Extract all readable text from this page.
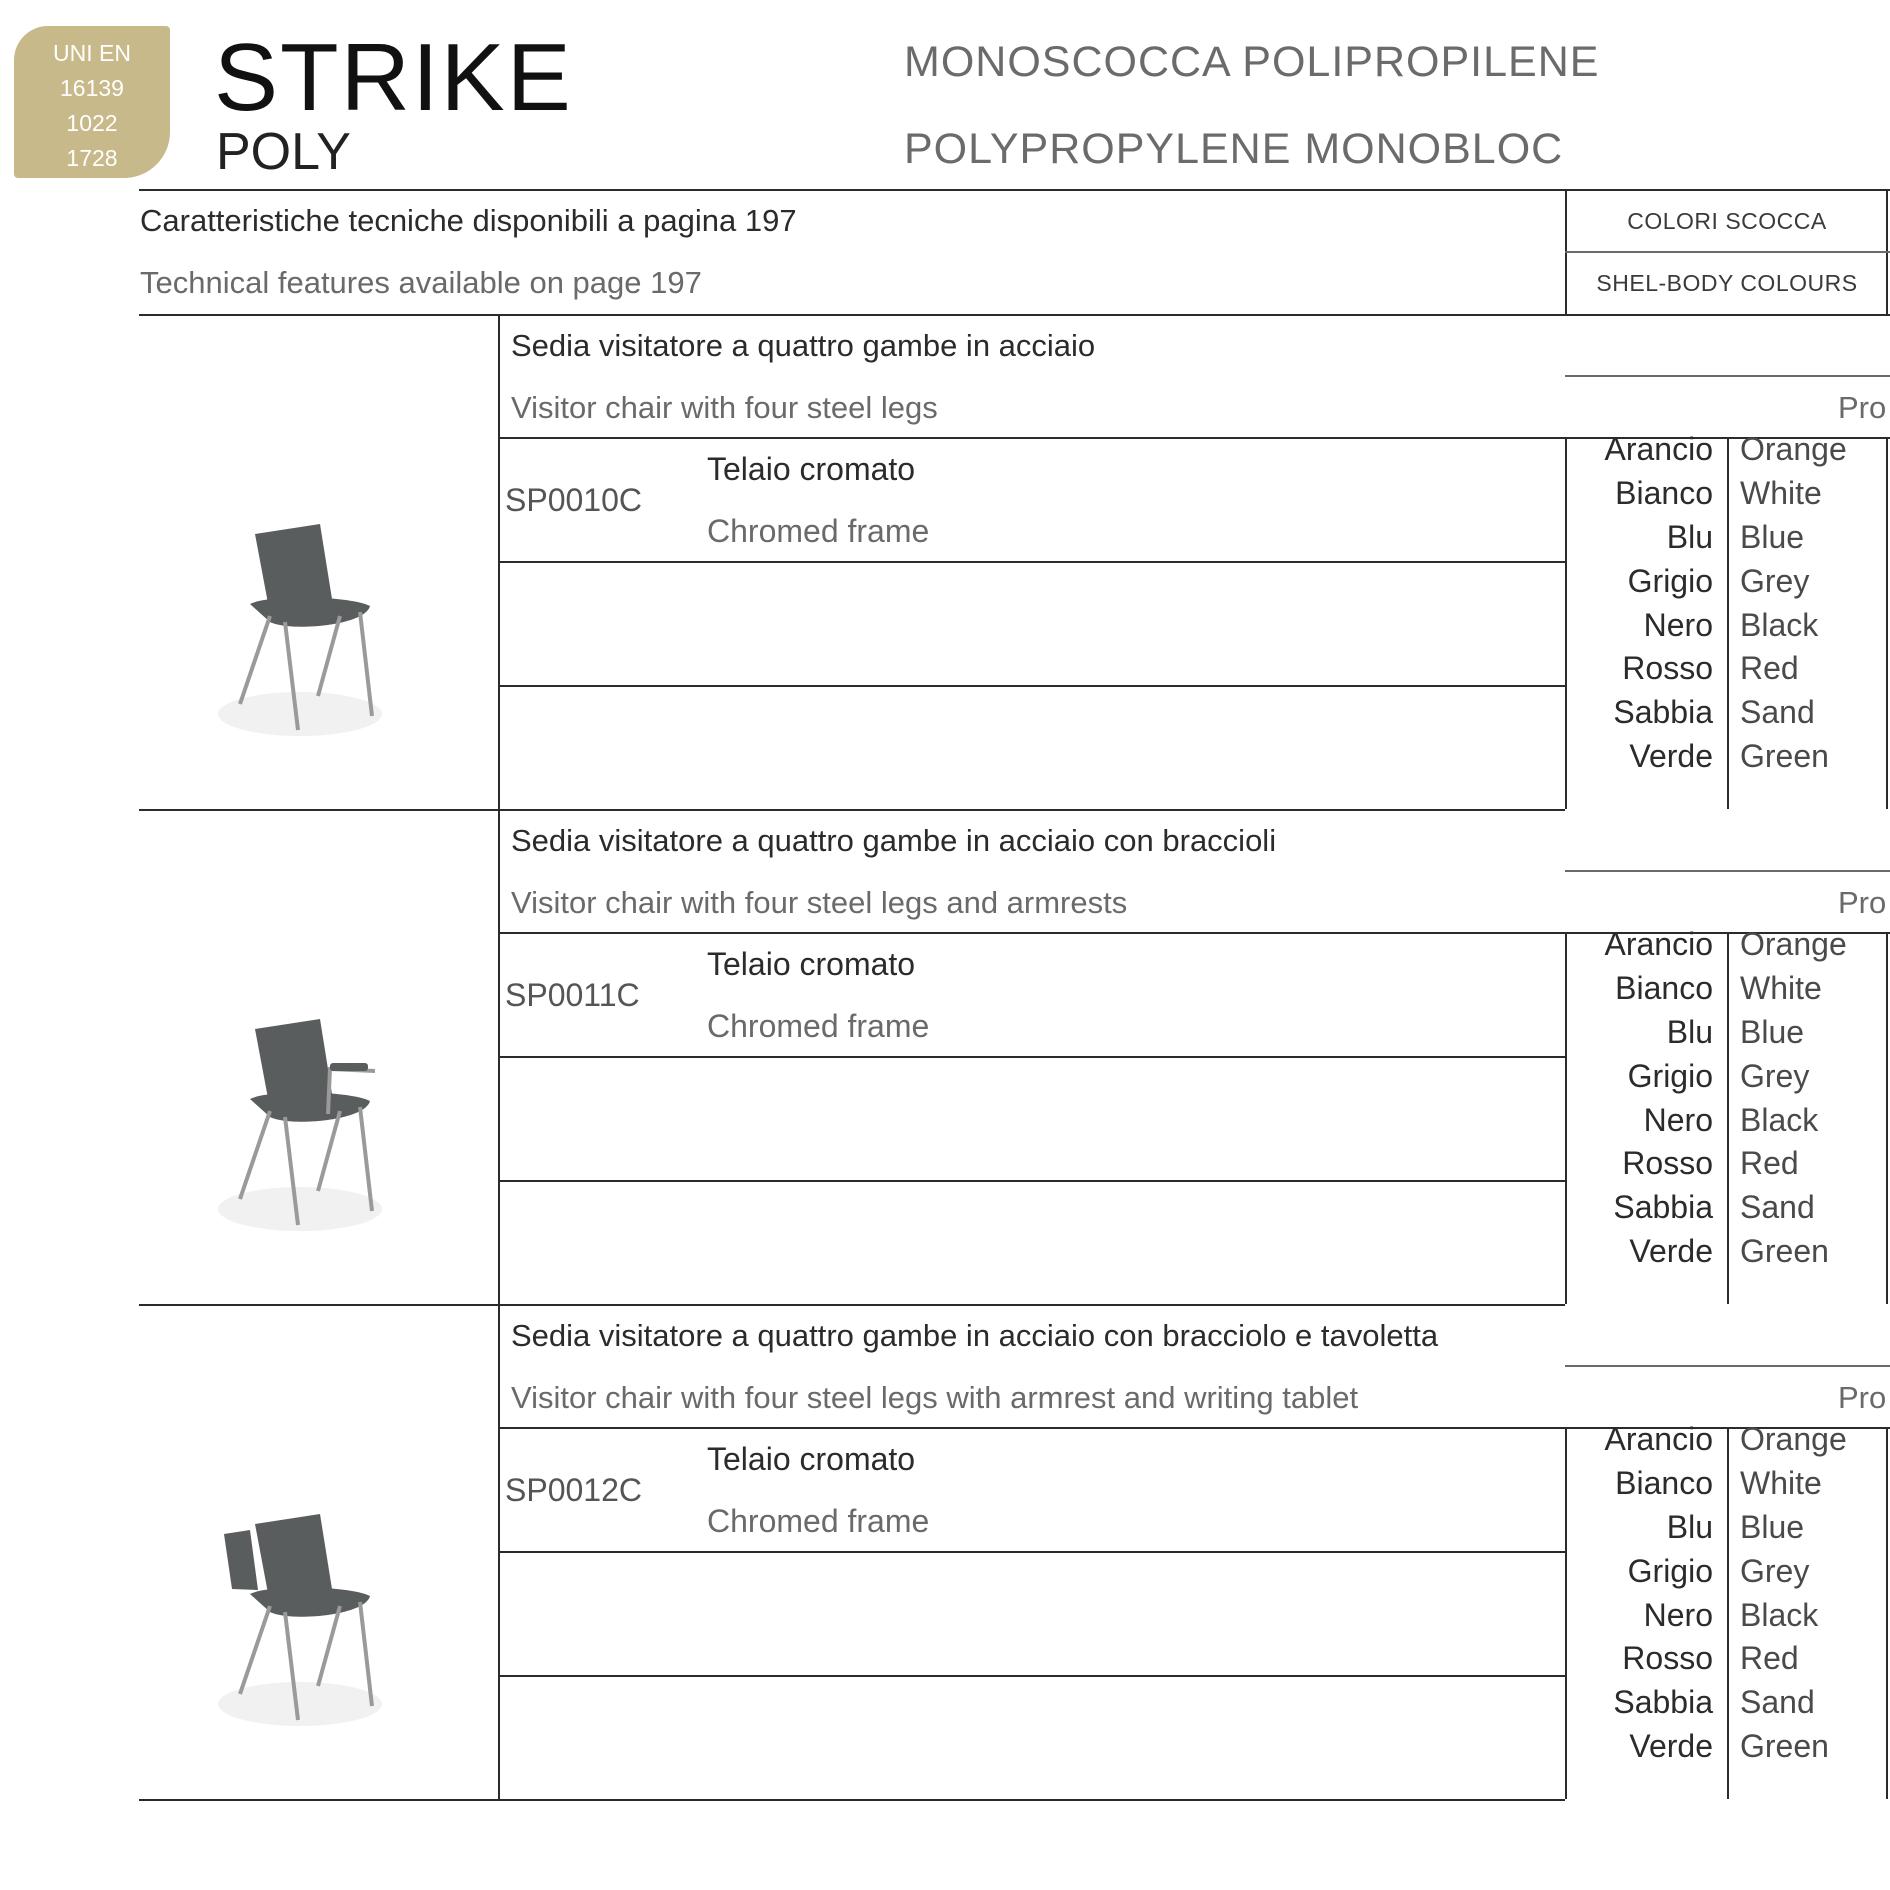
UNI EN
16139
1022
1728
STRIKE
POLY
MONOSCOCCA POLIPROPILENE
POLYPROPYLENE MONOBLOC
Caratteristiche tecniche disponibili a pagina 197
Technical features available on page 197
COLORI SCOCCA
SHEL-BODY COLOURS
Sedia visitatore a quattro gambe in acciaio
Visitor chair with four steel legs	Pro
SP0010C
Telaio cromato
Chromed frame
Arancio Orange
Bianco White
Blu Blue
Grigio Grey
Nero Black
Rosso Red
Sabbia Sand
Verde Green
Sedia visitatore a quattro gambe in acciaio con braccioli
Visitor chair with four steel legs and armrests	Pro
SP0011C
Telaio cromato
Chromed frame
Arancio Orange
Bianco White
Blu Blue
Grigio Grey
Nero Black
Rosso Red
Sabbia Sand
Verde Green
Sedia visitatore a quattro gambe in acciaio con bracciolo e tavoletta
Visitor chair with four steel legs with armrest and writing tablet	Pro
SP0012C
Telaio cromato
Chromed frame
Arancio Orange
Bianco White
Blu Blue
Grigio Grey
Nero Black
Rosso Red
Sabbia Sand
Verde Green
